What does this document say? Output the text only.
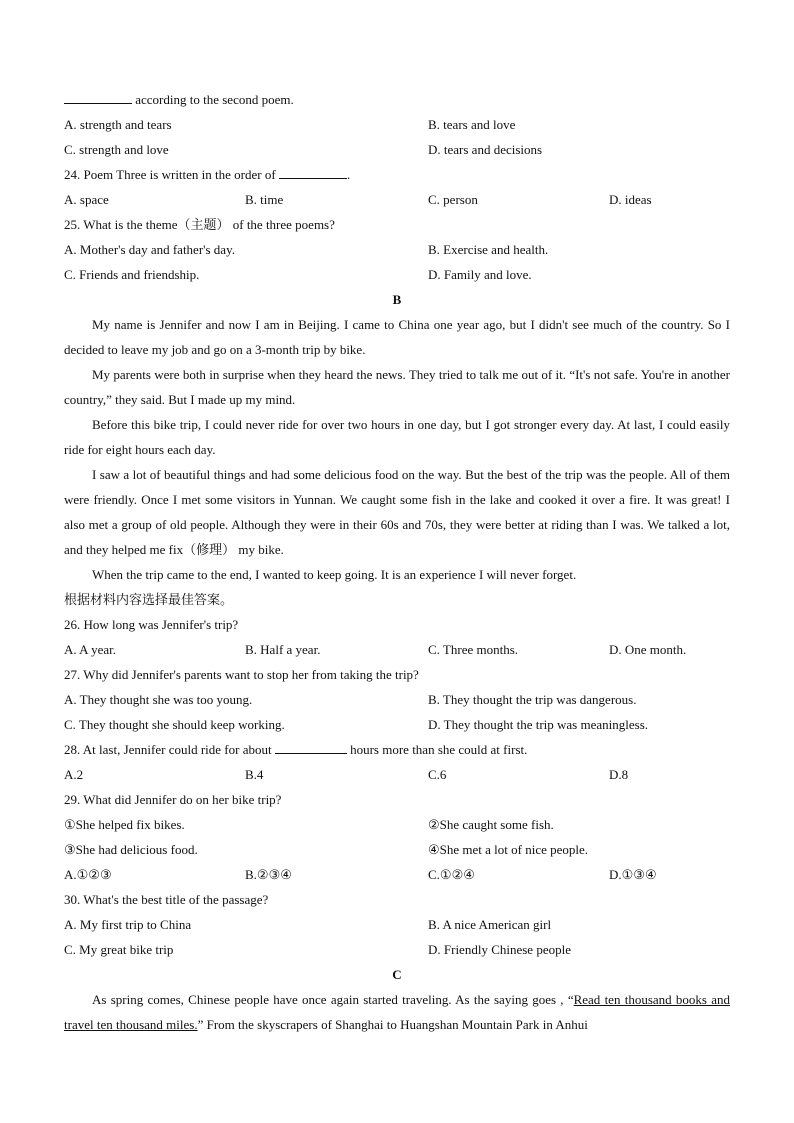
according to the second poem.
A. strength and tears	B. tears and love
C. strength and love	D. tears and decisions
24. Poem Three is written in the order of	.
A. space	B. time	C. person	D. ideas
25. What is the theme（主题） of the three poems?
A. Mother's day and father's day.	B. Exercise and health.
C. Friends and friendship.	D. Family and love.
B
My name is Jennifer and now I am in Beijing. I came to China one year ago, but I didn't see much of the country. So I decided to leave my job and go on a 3-month trip by bike.
My parents were both in surprise when they heard the news. They tried to talk me out of it. “It's not safe. You're in another country,” they said. But I made up my mind.
Before this bike trip, I could never ride for over two hours in one day, but I got stronger every day. At last, I could easily ride for eight hours each day.
I saw a lot of beautiful things and had some delicious food on the way. But the best of the trip was the people. All of them were friendly. Once I met some visitors in Yunnan. We caught some fish in the lake and cooked it over a fire. It was great! I also met a group of old people. Although they were in their 60s and 70s, they were better at riding than I was. We talked a lot, and they helped me fix（修理） my bike.
When the trip came to the end, I wanted to keep going. It is an experience I will never forget.
根据材料内容选择最佳答案。
26. How long was Jennifer's trip?
A. A year.	B. Half a year.	C. Three months.	D. One month.
27. Why did Jennifer's parents want to stop her from taking the trip?
A. They thought she was too young.	B. They thought the trip was dangerous.
C. They thought she should keep working.	D. They thought the trip was meaningless.
28. At last, Jennifer could ride for about	hours more than she could at first.
A.2	B.4	C.6	D.8
29. What did Jennifer do on her bike trip?
①She helped fix bikes.	②She caught some fish.
③She had delicious food.	④She met a lot of nice people.
A.①②③	B.②③④	C.①②④	D.①③④
30. What's the best title of the passage?
A. My first trip to China	B. A nice American girl
C. My great bike trip	D. Friendly Chinese people
C
As spring comes, Chinese people have once again started traveling. As the saying goes , “Read ten thousand books and travel ten thousand miles.” From the skyscrapers of Shanghai to Huangshan Mountain Park in Anhui
